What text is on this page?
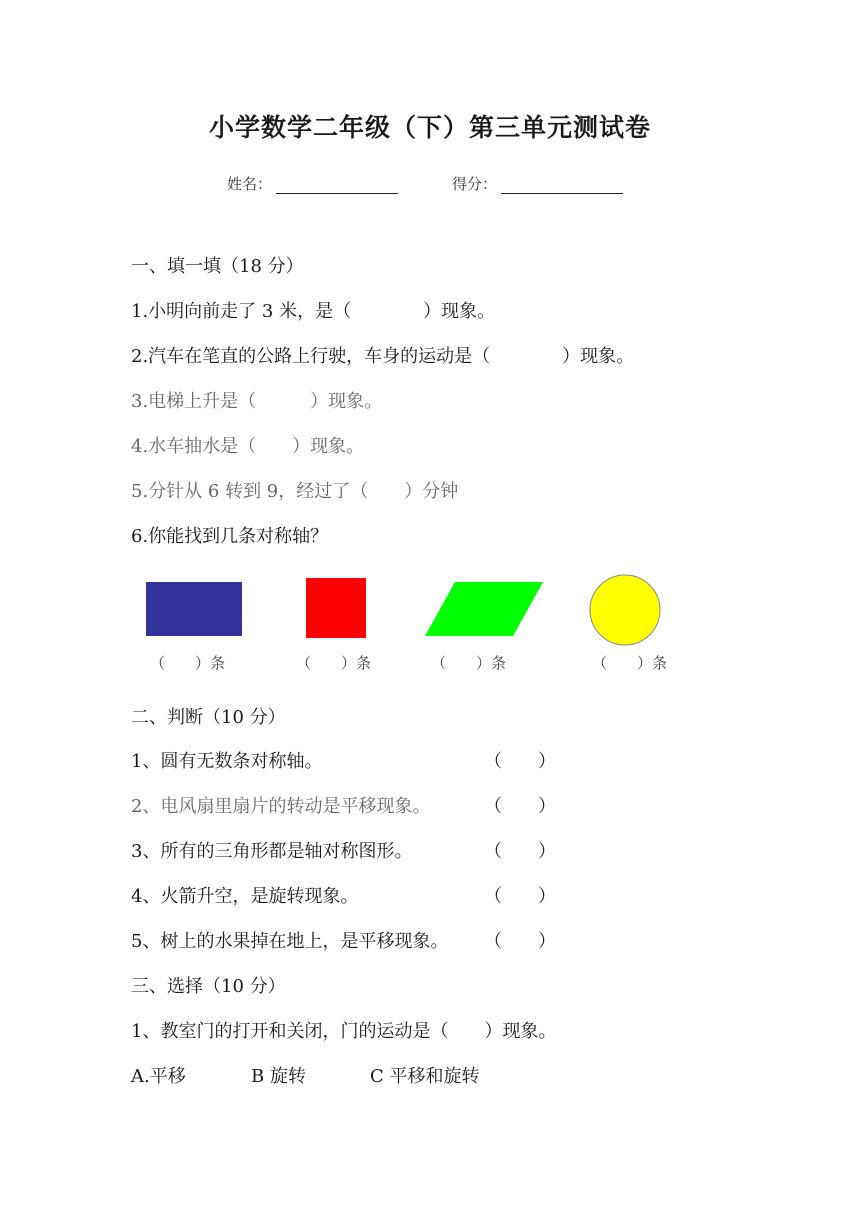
小学数学二年级（下）第三单元测试卷
姓名：	得分：
一、填一填（18 分）
1.小明向前走了 3 米，是（　　　　）现象。
2.汽车在笔直的公路上行驶，车身的运动是（　　　　）现象。
3.电梯上升是（　　　）现象。
4.水车抽水是（　　）现象。
5.分针从 6 转到 9，经过了（　　）分钟
6.你能找到几条对称轴？
（　　）条	（　　）条	（　　）条	（　　）条
二、判断（10 分）
1、圆有无数条对称轴。	（　　）
2、电风扇里扇片的转动是平移现象。	（　　）
3、所有的三角形都是轴对称图形。	（　　）
4、火箭升空，是旋转现象。	（　　）
5、树上的水果掉在地上，是平移现象。 （　　）
三、选择（10 分）
1、教室门的打开和关闭，门的运动是（　　）现象。
A.平移	B 旋转	C 平移和旋转
